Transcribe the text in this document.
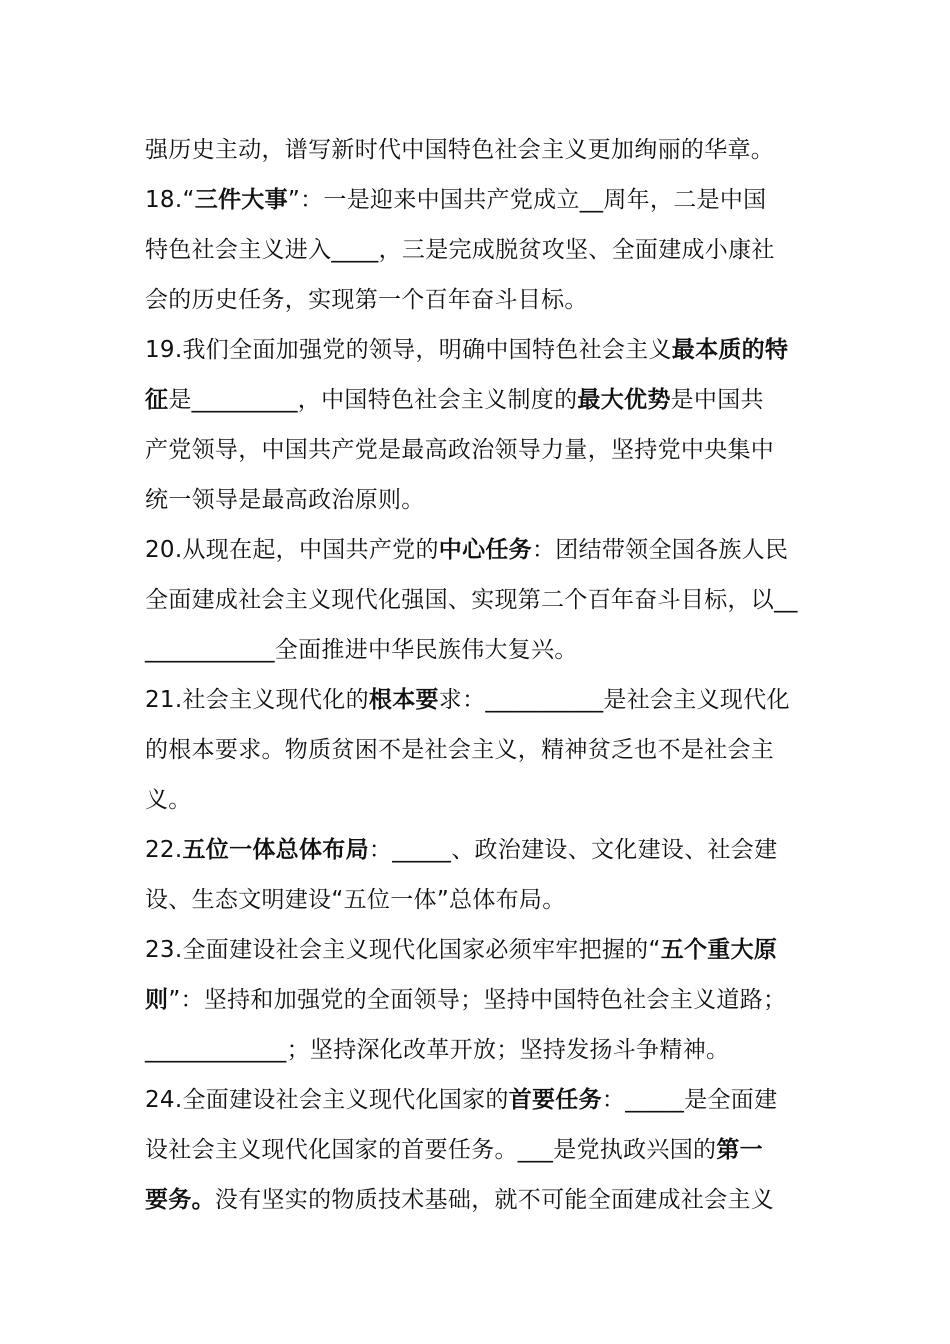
强历史主动，谱写新时代中国特色社会主义更加绚丽的华章。
18.“三件大事”：一是迎来中国共产党成立__周年，二是中国
特色社会主义进入____，三是完成脱贫攻坚、全面建成小康社
会的历史任务，实现第一个百年奋斗目标。
19.我们全面加强党的领导，明确中国特色社会主义最本质的特
征是_________，中国特色社会主义制度的最大优势是中国共
产党领导，中国共产党是最高政治领导力量，坚持党中央集中
统一领导是最高政治原则。
20.从现在起，中国共产党的中心任务：团结带领全国各族人民
全面建成社会主义现代化强国、实现第二个百年奋斗目标，以__
___________全面推进中华民族伟大复兴。
21.社会主义现代化的根本要求：__________是社会主义现代化
的根本要求。物质贫困不是社会主义，精神贫乏也不是社会主
义。
22.五位一体总体布局：_____、政治建设、文化建设、社会建
设、生态文明建设“五位一体”总体布局。
23.全面建设社会主义现代化国家必须牢牢把握的“五个重大原
则”：坚持和加强党的全面领导；坚持中国特色社会主义道路；
____________；坚持深化改革开放；坚持发扬斗争精神。
24.全面建设社会主义现代化国家的首要任务：_____是全面建
设社会主义现代化国家的首要任务。___是党执政兴国的第一
要务。没有坚实的物质技术基础，就不可能全面建成社会主义
